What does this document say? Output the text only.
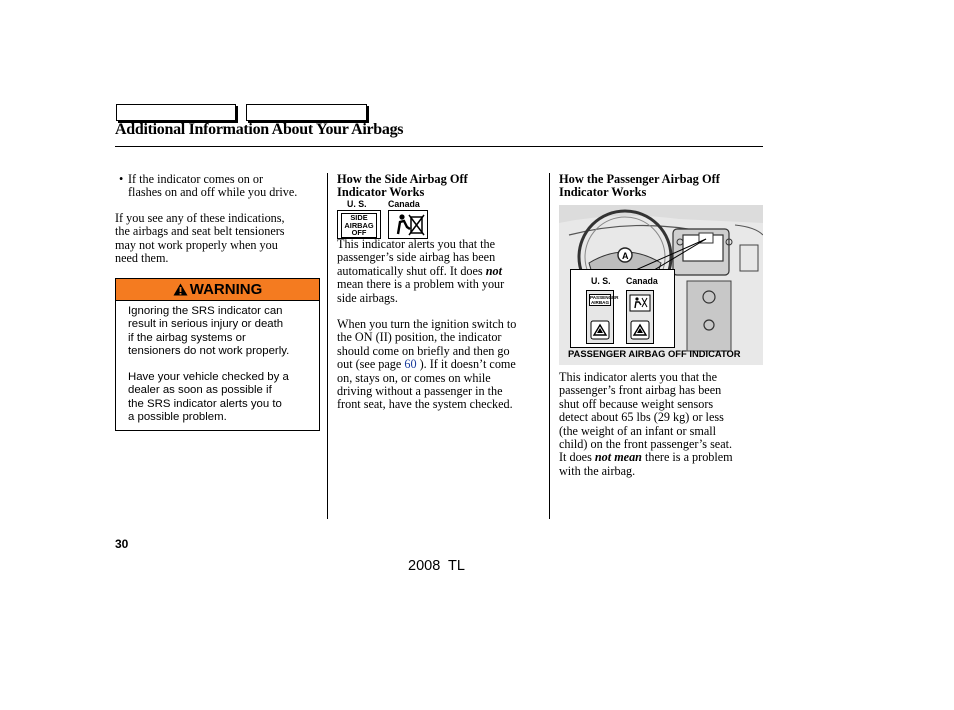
Additional Information About Your Airbags
• If the indicator comes on or
flashes on and off while you drive.
If you see any of these indications,
the airbags and seat belt tensioners
may not work properly when you
need them.
WARNING
Ignoring the SRS indicator can
result in serious injury or death
if the airbag systems or
tensioners do not work properly.
Have your vehicle checked by a
dealer as soon as possible if
the SRS indicator alerts you to
a possible problem.
How the Side Airbag Off
Indicator Works
U. S. Canada
SIDE
AIRBAG
OFF
This indicator alerts you that the
passenger’s side airbag has been
automatically shut off. It does not
mean there is a problem with your
side airbags.
When you turn the ignition switch to
the ON (II) position, the indicator
should come on briefly and then go
out (see page 60 ). If it doesn’t come
on, stays on, or comes on while
driving without a passenger in the
front seat, have the system checked.
How the Passenger Airbag Off
Indicator Works
A
U. S. Canada
PASSENGER
AIRBAG
PASSENGER AIRBAG OFF INDICATOR
This indicator alerts you that the
passenger’s front airbag has been
shut off because weight sensors
detect about 65 lbs (29 kg) or less
(the weight of an infant or small
child) on the front passenger’s seat.
It does not mean there is a problem
with the airbag.
30
2008  TL
